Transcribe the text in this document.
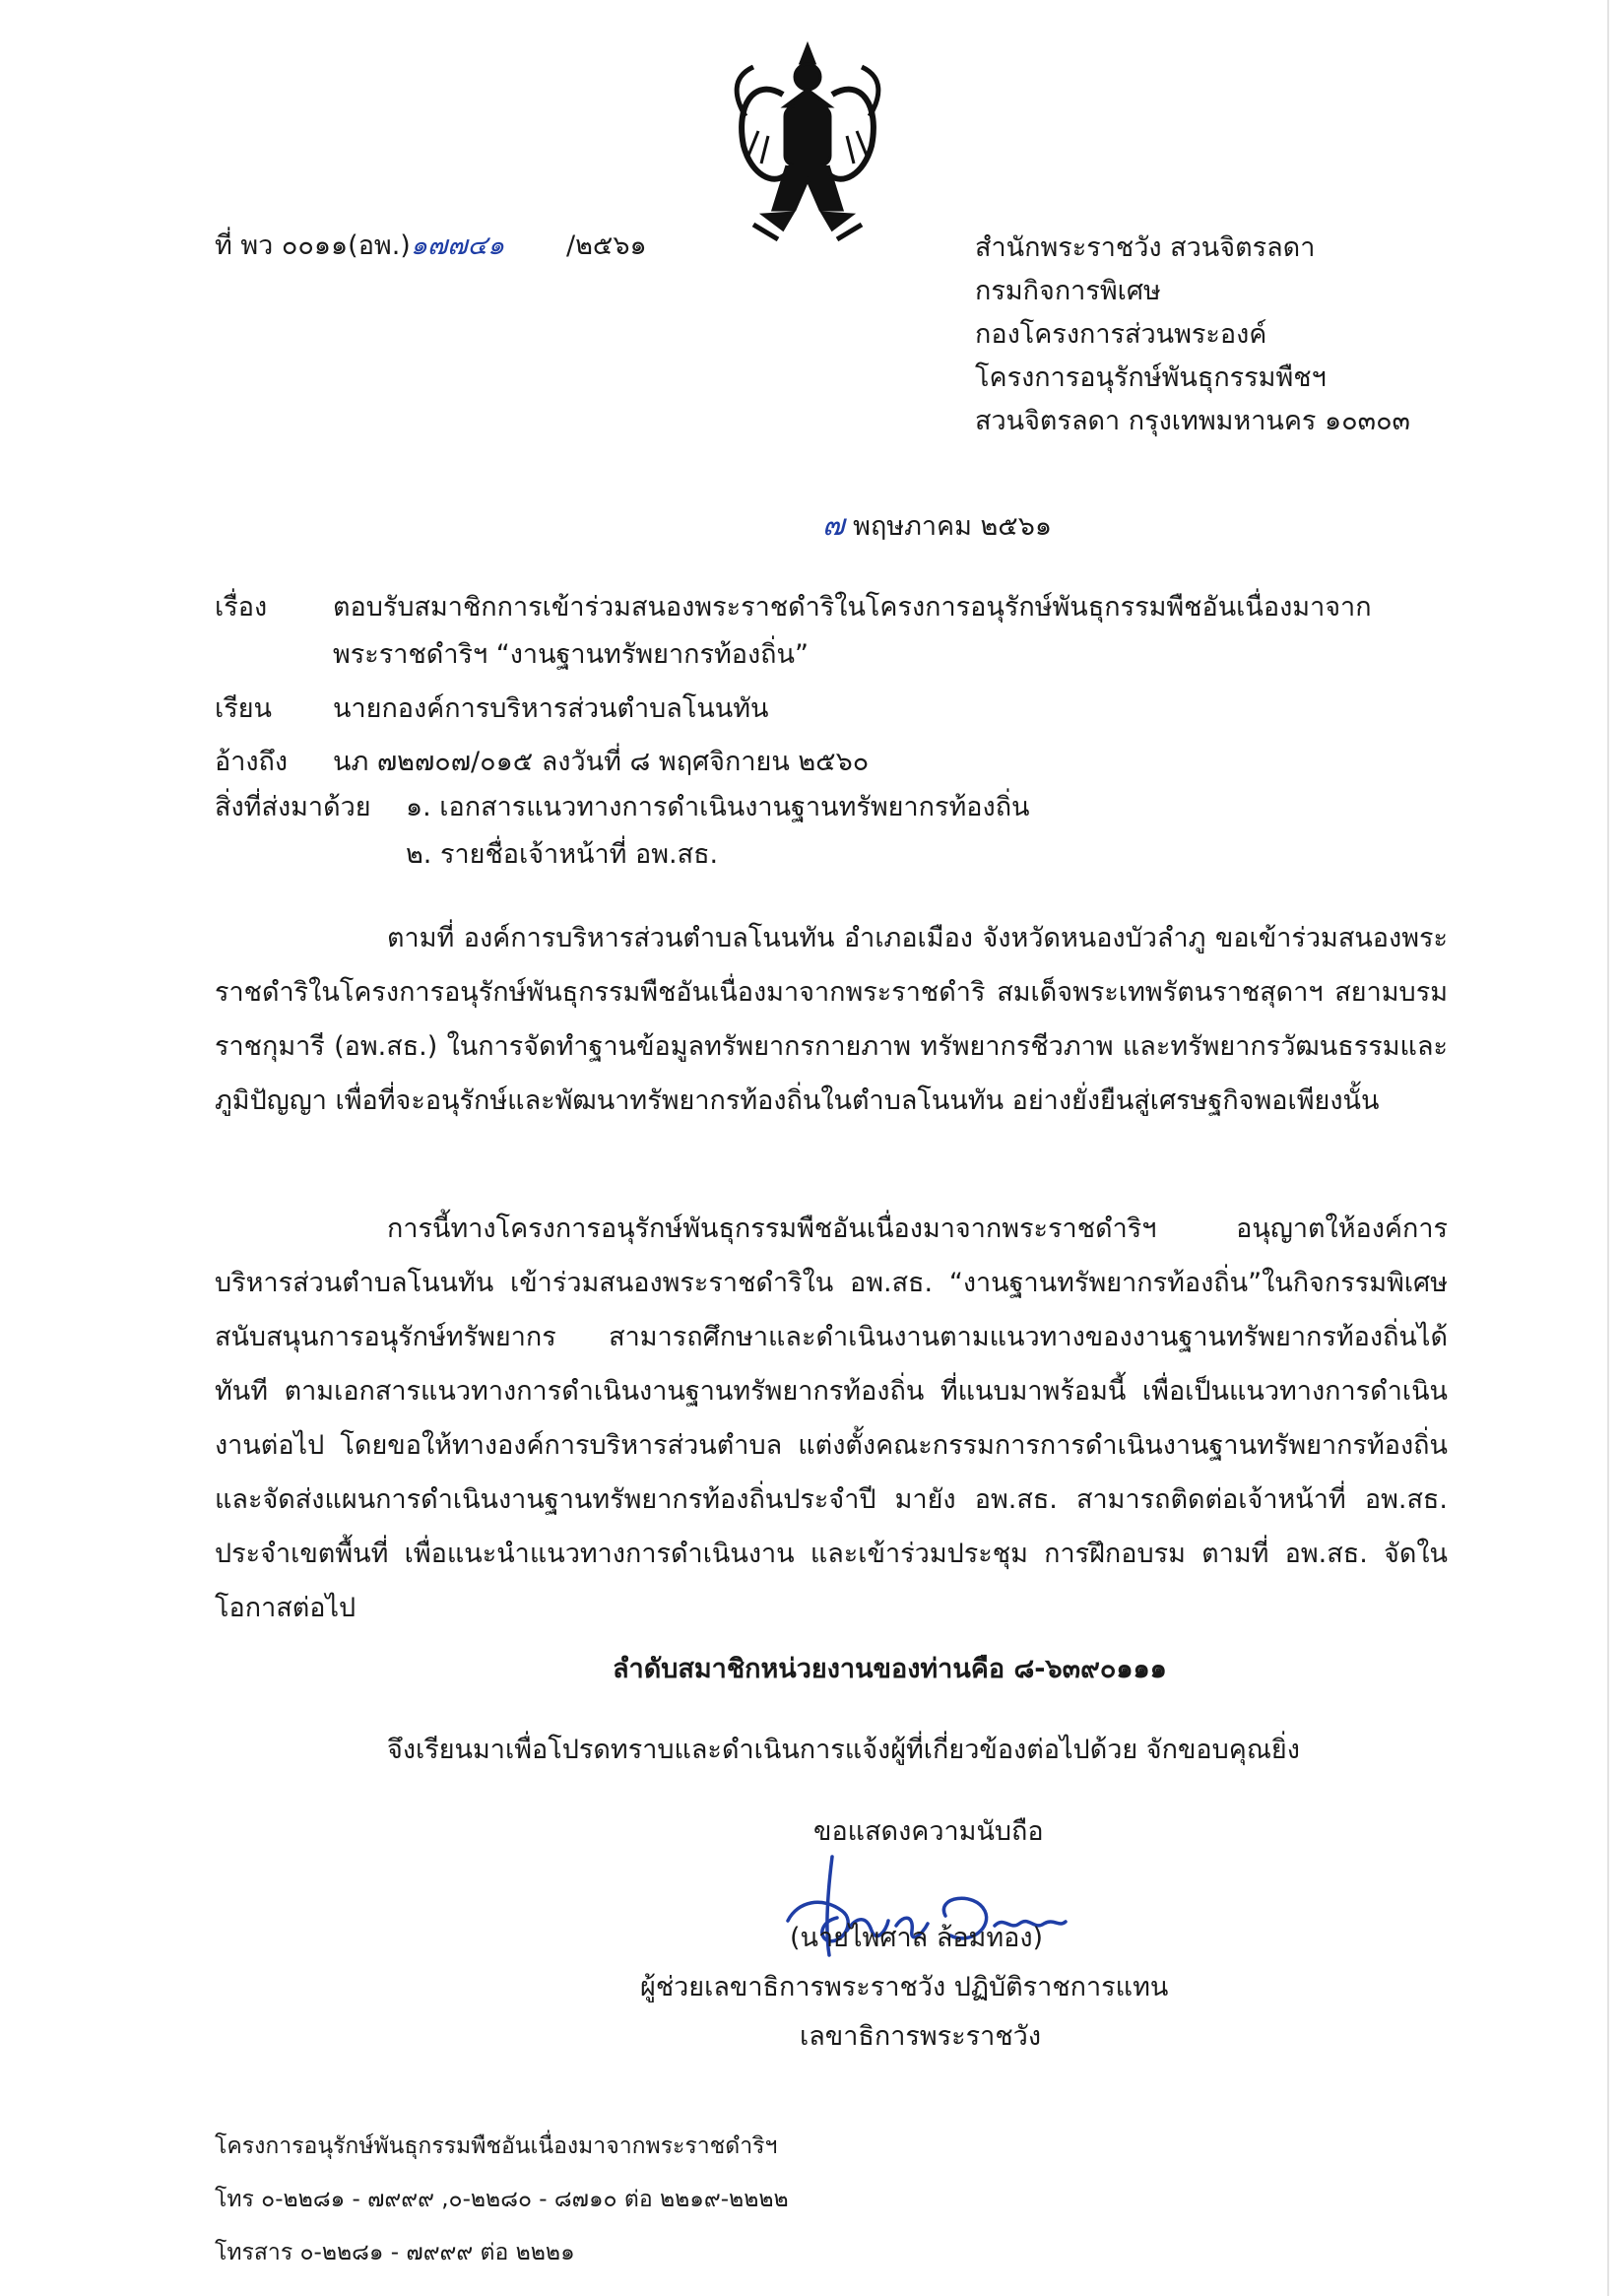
ที่ พว ๐๐๑๑(อพ.)๑๗๗๔๑ /๒๕๖๑	สำนักพระราชวัง สวนจิตรลดา
กรมกิจการพิเศษ
กองโครงการส่วนพระองค์
โครงการอนุรักษ์พันธุกรรมพืชฯ
สวนจิตรลดา กรุงเทพมหานคร ๑๐๓๐๓
๗ พฤษภาคม ๒๕๖๑
เรื่อง ตอบรับสมาชิกการเข้าร่วมสนองพระราชดำริในโครงการอนุรักษ์พันธุกรรมพืชอันเนื่องมาจาก
พระราชดำริฯ “งานฐานทรัพยากรท้องถิ่น”
เรียน นายกองค์การบริหารส่วนตำบลโนนทัน
อ้างถึง นภ ๗๒๗๐๗/๐๑๕ ลงวันที่ ๘ พฤศจิกายน ๒๕๖๐
สิ่งที่ส่งมาด้วย ๑. เอกสารแนวทางการดำเนินงานฐานทรัพยากรท้องถิ่น
๒. รายชื่อเจ้าหน้าที่ อพ.สธ.
ตามที่ องค์การบริหารส่วนตำบลโนนทัน อำเภอเมือง จังหวัดหนองบัวลำภู ขอเข้าร่วมสนองพระราชดำริในโครงการอนุรักษ์พันธุกรรมพืชอันเนื่องมาจากพระราชดำริ สมเด็จพระเทพรัตนราชสุดาฯ สยามบรมราชกุมารี (อพ.สธ.) ในการจัดทำฐานข้อมูลทรัพยากรกายภาพ ทรัพยากรชีวภาพ และทรัพยากรวัฒนธรรมและภูมิปัญญา เพื่อที่จะอนุรักษ์และพัฒนาทรัพยากรท้องถิ่นในตำบลโนนทัน อย่างยั่งยืนสู่เศรษฐกิจพอเพียงนั้น
การนี้ทางโครงการอนุรักษ์พันธุกรรมพืชอันเนื่องมาจากพระราชดำริฯ อนุญาตให้องค์การบริหารส่วนตำบลโนนทัน เข้าร่วมสนองพระราชดำริใน อพ.สธ. “งานฐานทรัพยากรท้องถิ่น”ในกิจกรรมพิเศษสนับสนุนการอนุรักษ์ทรัพยากร สามารถศึกษาและดำเนินงานตามแนวทางของงานฐานทรัพยากรท้องถิ่นได้ทันที ตามเอกสารแนวทางการดำเนินงานฐานทรัพยากรท้องถิ่น ที่แนบมาพร้อมนี้ เพื่อเป็นแนวทางการดำเนินงานต่อไป โดยขอให้ทางองค์การบริหารส่วนตำบล แต่งตั้งคณะกรรมการการดำเนินงานฐานทรัพยากรท้องถิ่นและจัดส่งแผนการดำเนินงานฐานทรัพยากรท้องถิ่นประจำปี มายัง อพ.สธ. สามารถติดต่อเจ้าหน้าที่ อพ.สธ. ประจำเขตพื้นที่ เพื่อแนะนำแนวทางการดำเนินงาน และเข้าร่วมประชุม การฝึกอบรม ตามที่ อพ.สธ. จัดในโอกาสต่อไป
ลำดับสมาชิกหน่วยงานของท่านคือ ๘-๖๓๙๐๑๑๑
จึงเรียนมาเพื่อโปรดทราบและดำเนินการแจ้งผู้ที่เกี่ยวข้องต่อไปด้วย จักขอบคุณยิ่ง
ขอแสดงความนับถือ
(นายไพศาล ล้อมทอง)
ผู้ช่วยเลขาธิการพระราชวัง ปฏิบัติราชการแทน
เลขาธิการพระราชวัง
โครงการอนุรักษ์พันธุกรรมพืชอันเนื่องมาจากพระราชดำริฯ
โทร ๐-๒๒๘๑ - ๗๙๙๙ ,๐-๒๒๘๐ - ๘๗๑๐ ต่อ ๒๒๑๙-๒๒๒๒
โทรสาร ๐-๒๒๘๑ - ๗๙๙๙ ต่อ ๒๒๒๑
